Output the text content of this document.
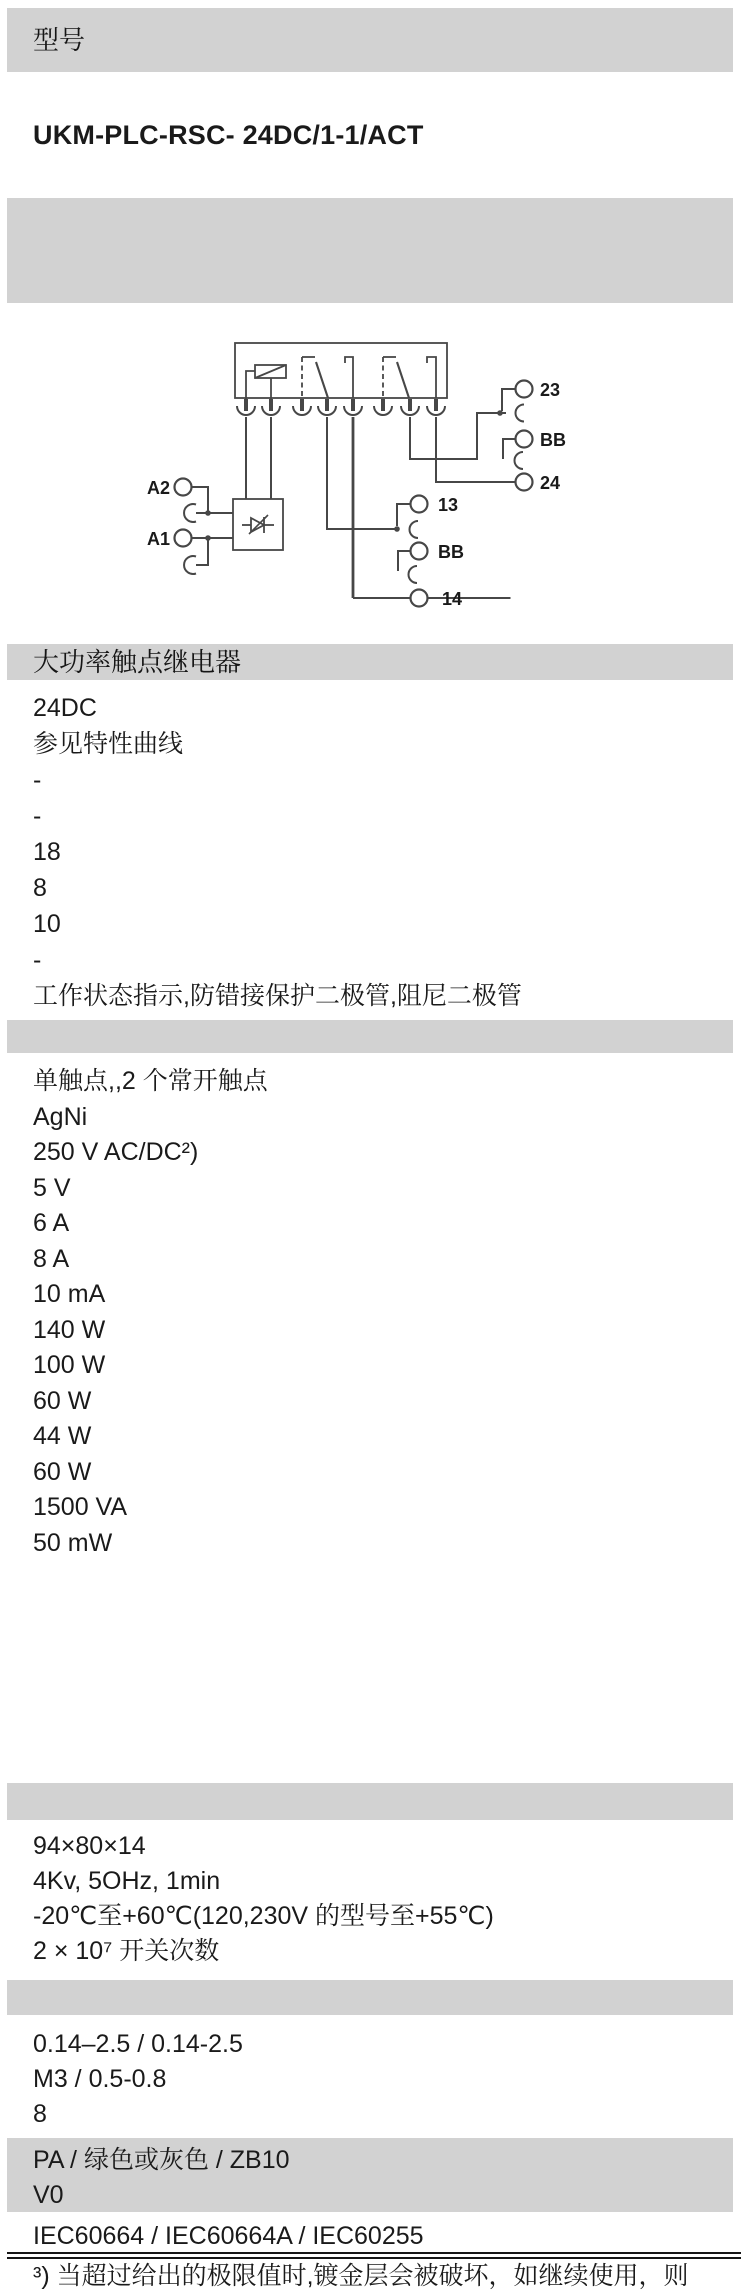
型号
UKM-PLC-RSC- 24DC/1-1/ACT
A2
A1
13
BB
14
23
BB
24
大功率触点继电器
24DC
参见特性曲线
-
-
18
8
10
-
工作状态指示,防错接保护二极管,阻尼二极管
单触点,,2 个常开触点
AgNi
250 V AC/DC²)
5 V
6 A
8 A
10 mA
140 W
100 W
60 W
44 W
60 W
1500 VA
50 mW
94×80×14
4Kv, 5OHz, 1min
-20℃至+60℃(120,230V 的型号至+55℃)
2 × 10⁷ 开关次数
0.14–2.5 / 0.14-2.5
M3 / 0.5-0.8
8
PA / 绿色或灰色 / ZB10
V0
IEC60664 / IEC60664A / IEC60255
³) 当超过给出的极限值时,镀金层会被破坏，如继续使用，则
